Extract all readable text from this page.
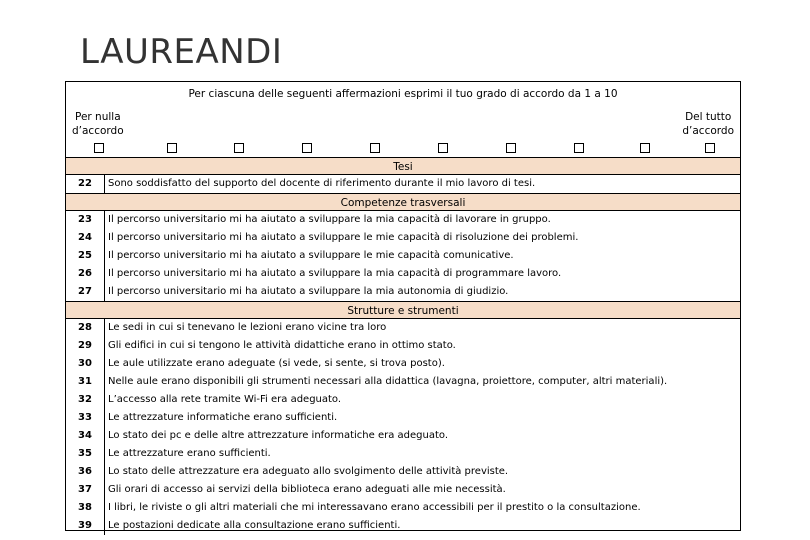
LAUREANDI
Per ciascuna delle seguenti affermazioni esprimi il tuo grado di accordo da 1 a 10
Per nulla
d’accordo
Del tutto
d’accordo
Tesi
22	Sono soddisfatto del supporto del docente di riferimento durante il mio lavoro di tesi.
Competenze trasversali
23	Il percorso universitario mi ha aiutato a sviluppare la mia capacità di lavorare in gruppo.
24	Il percorso universitario mi ha aiutato a sviluppare le mie capacità di risoluzione dei problemi.
25	Il percorso universitario mi ha aiutato a sviluppare le mie capacità comunicative.
26	Il percorso universitario mi ha aiutato a sviluppare la mia capacità di programmare lavoro.
27	Il percorso universitario mi ha aiutato a sviluppare la mia autonomia di giudizio.
Strutture e strumenti
28	Le sedi in cui si tenevano le lezioni erano vicine tra loro
29	Gli edifici in cui si tengono le attività didattiche erano in ottimo stato.
30	Le aule utilizzate erano adeguate (si vede, si sente, si trova posto).
31	Nelle aule erano disponibili gli strumenti necessari alla didattica (lavagna, proiettore, computer, altri materiali).
32	L’accesso alla rete tramite Wi-Fi era adeguato.
33	Le attrezzature informatiche erano sufficienti.
34	Lo stato dei pc e delle altre attrezzature informatiche era adeguato.
35	Le attrezzature erano sufficienti.
36	Lo stato delle attrezzature era adeguato allo svolgimento delle attività previste.
37	Gli orari di accesso ai servizi della biblioteca erano adeguati alle mie necessità.
38	I libri, le riviste o gli altri materiali che mi interessavano erano accessibili per il prestito o la consultazione.
39	Le postazioni dedicate alla consultazione erano sufficienti.
